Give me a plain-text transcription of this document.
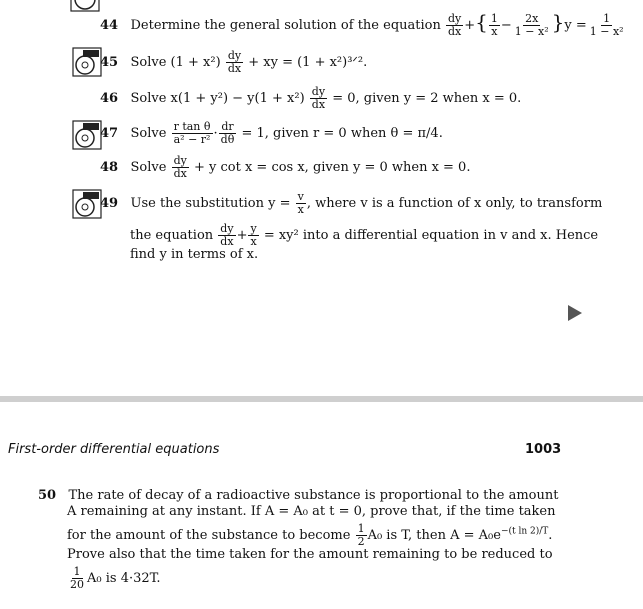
44 Determine the general solution of the equation $\frac{dy}{dx}$ +{ $\frac{1}{x} - \frac{2x}{\text{1 − x²}} \}y = \frac{1}{\text{1 − x²}}$
45 Solve $(1 + x^2) \frac{dy}{dx}$ + xy = (1 + x²)³ᐟ².
46 Solve $x(1 + y^2) - y(1 + x^2) \frac{dy}{dx} = 0$, given y = 2 when x = 0.
47 Solve $\frac{\text{r tan θ}}{\text{a² − r²}} \cdot \frac{dr}{d\theta} = 1$, given r = 0 when θ = π/4.
48 Solve $\frac{dy}{dx} + y$ cot x = cos x, given y = 0 when x = 0.
49 Use the substitution $y = \frac{v}{x}$ , where v is a function of x only, to transform
the equation $\frac{dy}{dx} + \frac{y}{x} = xy^2$ into a differential equation in v and x. Hence
find y in terms of x.
First-order differential equations	1003
50 The rate of decay of a radioactive substance is proportional to the amount
A remaining at any instant. If A = A₀ at t = 0, prove that, if the time taken
for the amount of the substance to become $\frac{1}{2} A_0$ is T, then $A = A_0e^{-(t ln 2)/T}$.
Prove also that the time taken for the amount remaining to be reduced to
$\frac{1}{20} A_0$ is 4·32T.
